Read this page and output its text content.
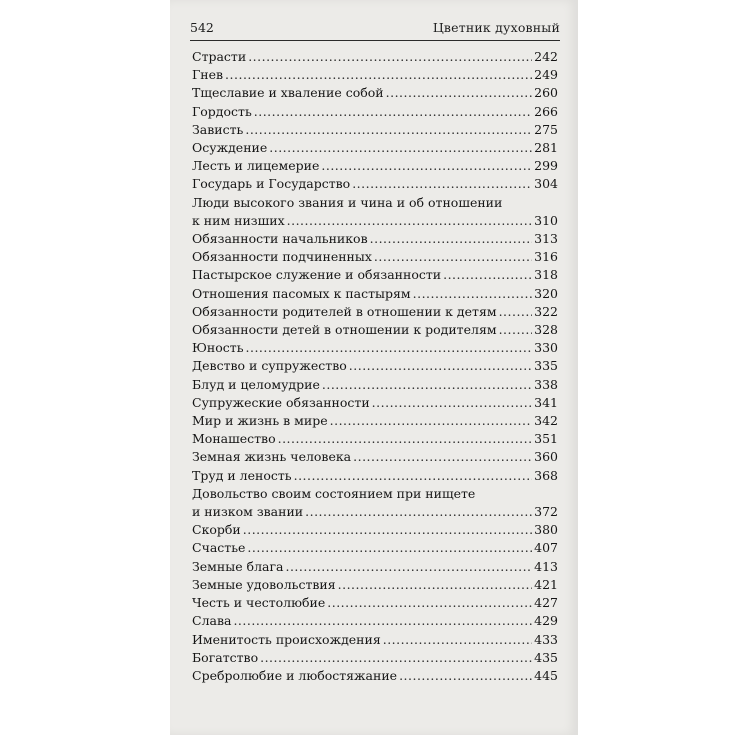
542	Цветник духовный
Страсти .....	242
Гнев .....	249
Тщеславие и хваление собой .....	260
Гордость .....	266
Зависть .....	275
Осуждение .....	281
Лесть и лицемерие .....	299
Государь и Государство .....	304
Люди высокого звания и чина и об отношении
к ним низших .....	310
Обязанности начальников .....	313
Обязанности подчиненных .....	316
Пастырское служение и обязанности .....	318
Отношения пасомых к пастырям .....	320
Обязанности родителей в отношении к детям .....	322
Обязанности детей в отношении к родителям .....	328
Юность .....	330
Девство и супружество .....	335
Блуд и целомудрие .....	338
Супружеские обязанности .....	341
Мир и жизнь в мире .....	342
Монашество .....	351
Земная жизнь человека .....	360
Труд и леность .....	368
Довольство своим состоянием при нищете
и низком звании .....	372
Скорби .....	380
Счастье .....	407
Земные блага .....	413
Земные удовольствия .....	421
Честь и честолюбие .....	427
Слава .....	429
Именитость происхождения .....	433
Богатство .....	435
Сребролюбие и любостяжание .....	445
